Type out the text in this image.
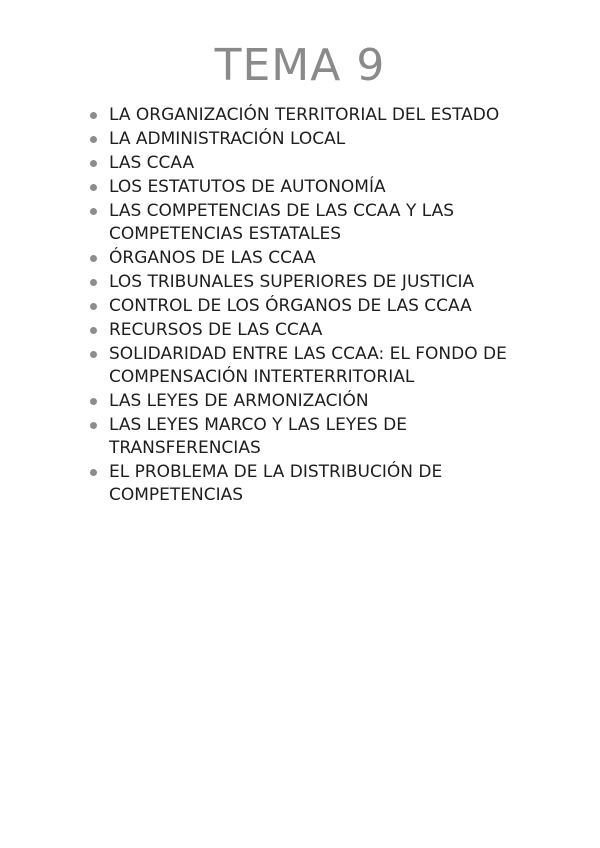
TEMA 9
LA ORGANIZACIÓN TERRITORIAL DEL ESTADO
LA ADMINISTRACIÓN LOCAL
LAS CCAA
LOS ESTATUTOS DE AUTONOMÍA
LAS COMPETENCIAS DE LAS CCAA Y LAS COMPETENCIAS ESTATALES
ÓRGANOS DE LAS CCAA
LOS TRIBUNALES SUPERIORES DE JUSTICIA
CONTROL DE LOS ÓRGANOS DE LAS CCAA
RECURSOS DE LAS CCAA
SOLIDARIDAD ENTRE LAS CCAA: EL FONDO DE COMPENSACIÓN INTERTERRITORIAL
LAS LEYES DE ARMONIZACIÓN
LAS LEYES MARCO Y LAS LEYES DE TRANSFERENCIAS
EL PROBLEMA DE LA DISTRIBUCIÓN DE COMPETENCIAS
